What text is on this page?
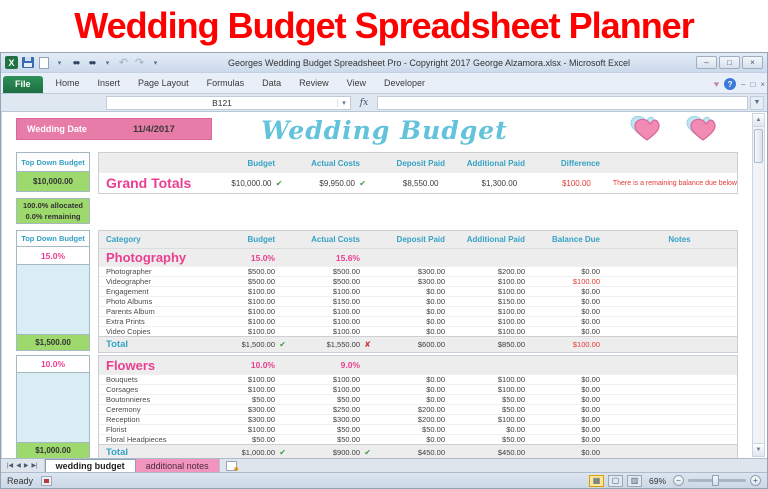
Wedding Budget Spreadsheet Planner
X	▾	●●	●●	▾ ↶ ↷	▾	Georges Wedding Budget Spreadsheet Pro - Copyright 2017 George Alzamora.xlsx - Microsoft Excel	–	□	×
File	Home	Insert	Page Layout	Formulas	Data	Review	View	Developer	♥	?	– □ ×
B121	▾	fx	▼
Wedding Budget
Wedding Date	11/4/2017
Top Down Budget
$10,000.00
100.0% allocated
0.0% remaining
Budget	Actual Costs	Deposit Paid	Additional Paid	Difference
Grand Totals	$10,000.00 ✔	$9,950.00 ✔	$8,550.00	$1,300.00	$100.00	There is a remaining balance due below
Top Down Budget
15.0%
$1,500.00
Category	Budget	Actual Costs	Deposit Paid	Additional Paid	Balance Due	Notes
Photography	15.0%	15.6%
Photographer	$500.00	$500.00	$300.00	$200.00	$0.00
Videographer	$500.00	$500.00	$300.00	$100.00	$100.00
Engagement	$100.00	$100.00	$0.00	$100.00	$0.00
Photo Albums	$100.00	$150.00	$0.00	$150.00	$0.00
Parents Album	$100.00	$100.00	$0.00	$100.00	$0.00
Extra Prints	$100.00	$100.00	$0.00	$100.00	$0.00
Video Copies	$100.00	$100.00	$0.00	$100.00	$0.00
Total	$1,500.00 ✔	$1,550.00 ✘	$600.00	$850.00	$100.00
10.0%
$1,000.00
Flowers	10.0%	9.0%
Bouquets	$100.00	$100.00	$0.00	$100.00	$0.00
Corsages	$100.00	$100.00	$0.00	$100.00	$0.00
Boutonnieres	$50.00	$50.00	$0.00	$50.00	$0.00
Ceremony	$300.00	$250.00	$200.00	$50.00	$0.00
Reception	$300.00	$300.00	$200.00	$100.00	$0.00
Florist	$100.00	$50.00	$50.00	$0.00	$0.00
Floral Headpieces	$50.00	$50.00	$0.00	$50.00	$0.00
Total	$1,000.00 ✔	$900.00 ✔	$450.00	$450.00	$0.00
▲
▼
|◀ ◀ ▶ ▶| wedding budget additional notes
✱
Ready	▦	▢	▥	69%	−	+
